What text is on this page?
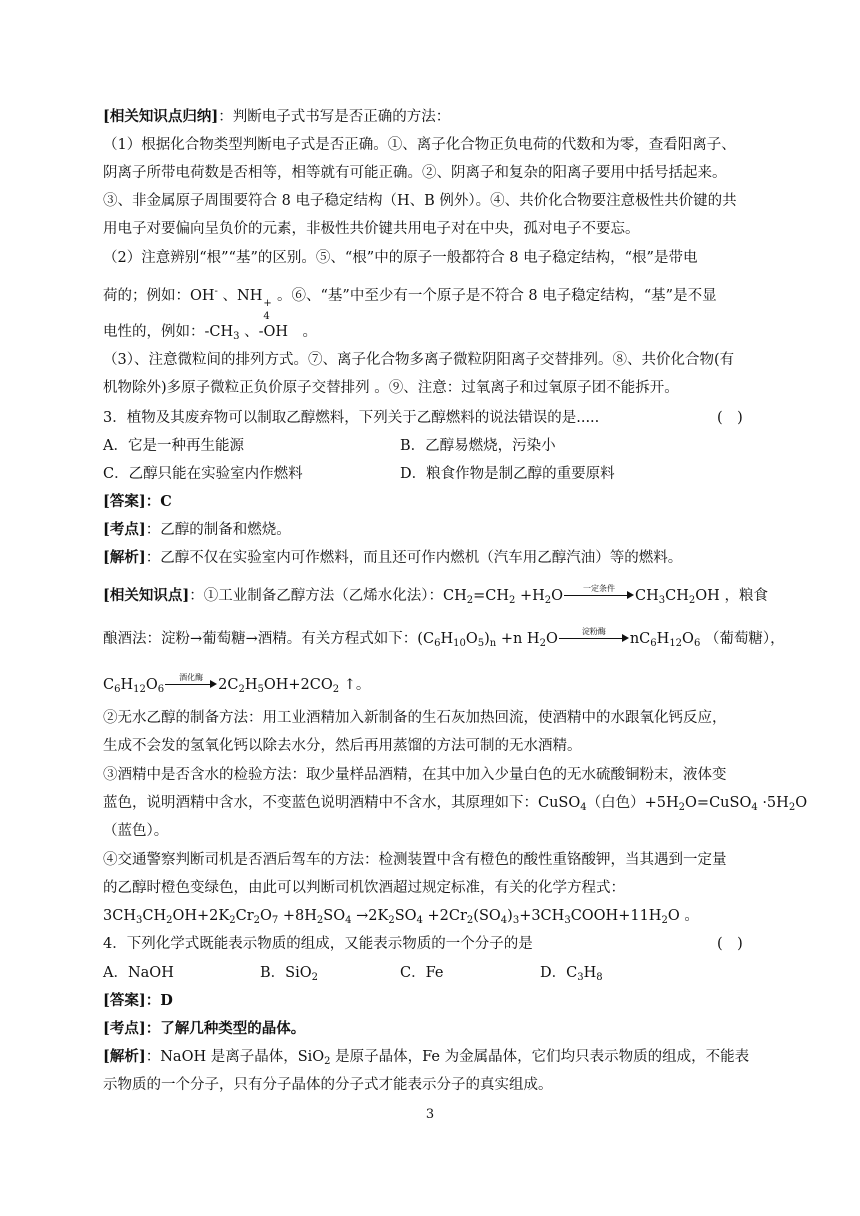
[相关知识点归纳]：判断电子式书写是否正确的方法：
（1）根据化合物类型判断电子式是否正确。①、离子化合物正负电荷的代数和为零，查看阳离子、
阴离子所带电荷数是否相等，相等就有可能正确。②、阴离子和复杂的阳离子要用中括号括起来。
③、非金属原子周围要符合 8 电子稳定结构（H、B 例外）。④、共价化合物要注意极性共价键的共
用电子对要偏向呈负价的元素，非极性共价键共用电子对在中央，孤对电子不要忘。
（2）注意辨别“根”“基”的区别。⑤、“根”中的原子一般都符合 8 电子稳定结构，“根”是带电
荷的；例如：OH- 、NH +
4
。⑥、“基”中至少有一个原子是不符合 8 电子稳定结构，“基”是不显
电性的，例如：$-CH_3$ 、-OH　。
（3）、注意微粒间的排列方式。⑦、离子化合物多离子微粒阴阳离子交替排列。⑧、共价化合物(有
机物除外)多原子微粒正负价原子交替排列 。⑨、注意：过氧离子和过氧原子团不能拆开。
3．植物及其废弃物可以制取乙醇燃料，下列关于乙醇燃料的说法错误的是.....	(　)
A．它是一种再生能源	B．乙醇易燃烧，污染小
C．乙醇只能在实验室内作燃料	D．粮食作物是制乙醇的重要原料
[答案]：C
[考点]：乙醇的制备和燃烧。
[解析]：乙醇不仅在实验室内可作燃料，而且还可作内燃机（汽车用乙醇汽油）等的燃料。
[相关知识点]：①工业制备乙醇方法（乙烯水化法）：$CH_2=CH_2 +H_2O$	一定条件	$CH_3CH_2OH$ ，粮食
酿酒法：淀粉→葡萄糖→酒精。有关方程式如下：$(C_6H_{10}O_5)_n +n$ $H_2O$	淀粉酶	$nC_6H_{12}O_6$ （葡萄糖），
$C_6H_{12}O_6$
酒化酶	$2C_2H_5OH+2CO_2$ ↑。
②无水乙醇的制备方法：用工业酒精加入新制备的生石灰加热回流，使酒精中的水跟氧化钙反应，
生成不会发的氢氧化钙以除去水分，然后再用蒸馏的方法可制的无水酒精。
③酒精中是否含水的检验方法：取少量样品酒精，在其中加入少量白色的无水硫酸铜粉末，液体变
蓝色，说明酒精中含水，不变蓝色说明酒精中不含水，其原理如下：CuSO$_4$（白色）$+5H_2O=CuSO_4 \cdot 5H_2O$
（蓝色）。
④交通警察判断司机是否酒后驾车的方法：检测装置中含有橙色的酸性重铬酸钾，当其遇到一定量
的乙醇时橙色变绿色，由此可以判断司机饮酒超过规定标准，有关的化学方程式：
$3CH_3CH_2OH+2K_2Cr_2O_7 +8H_2SO_4 \to 2K_2SO_4$ $+2Cr_2(SO_4)_3+3CH_3COOH+11H_2O$ 。
4．下列化学式既能表示物质的组成，又能表示物质的一个分子的是	(　)
A．NaOH	B．SiO$_2$	C．Fe	D．$C_3H_8$
[答案]：D
[考点]：了解几种类型的晶体。
[解析]：NaOH 是离子晶体，SiO$_2$ 是原子晶体，Fe 为金属晶体，它们均只表示物质的组成，不能表
示物质的一个分子，只有分子晶体的分子式才能表示分子的真实组成。
3
